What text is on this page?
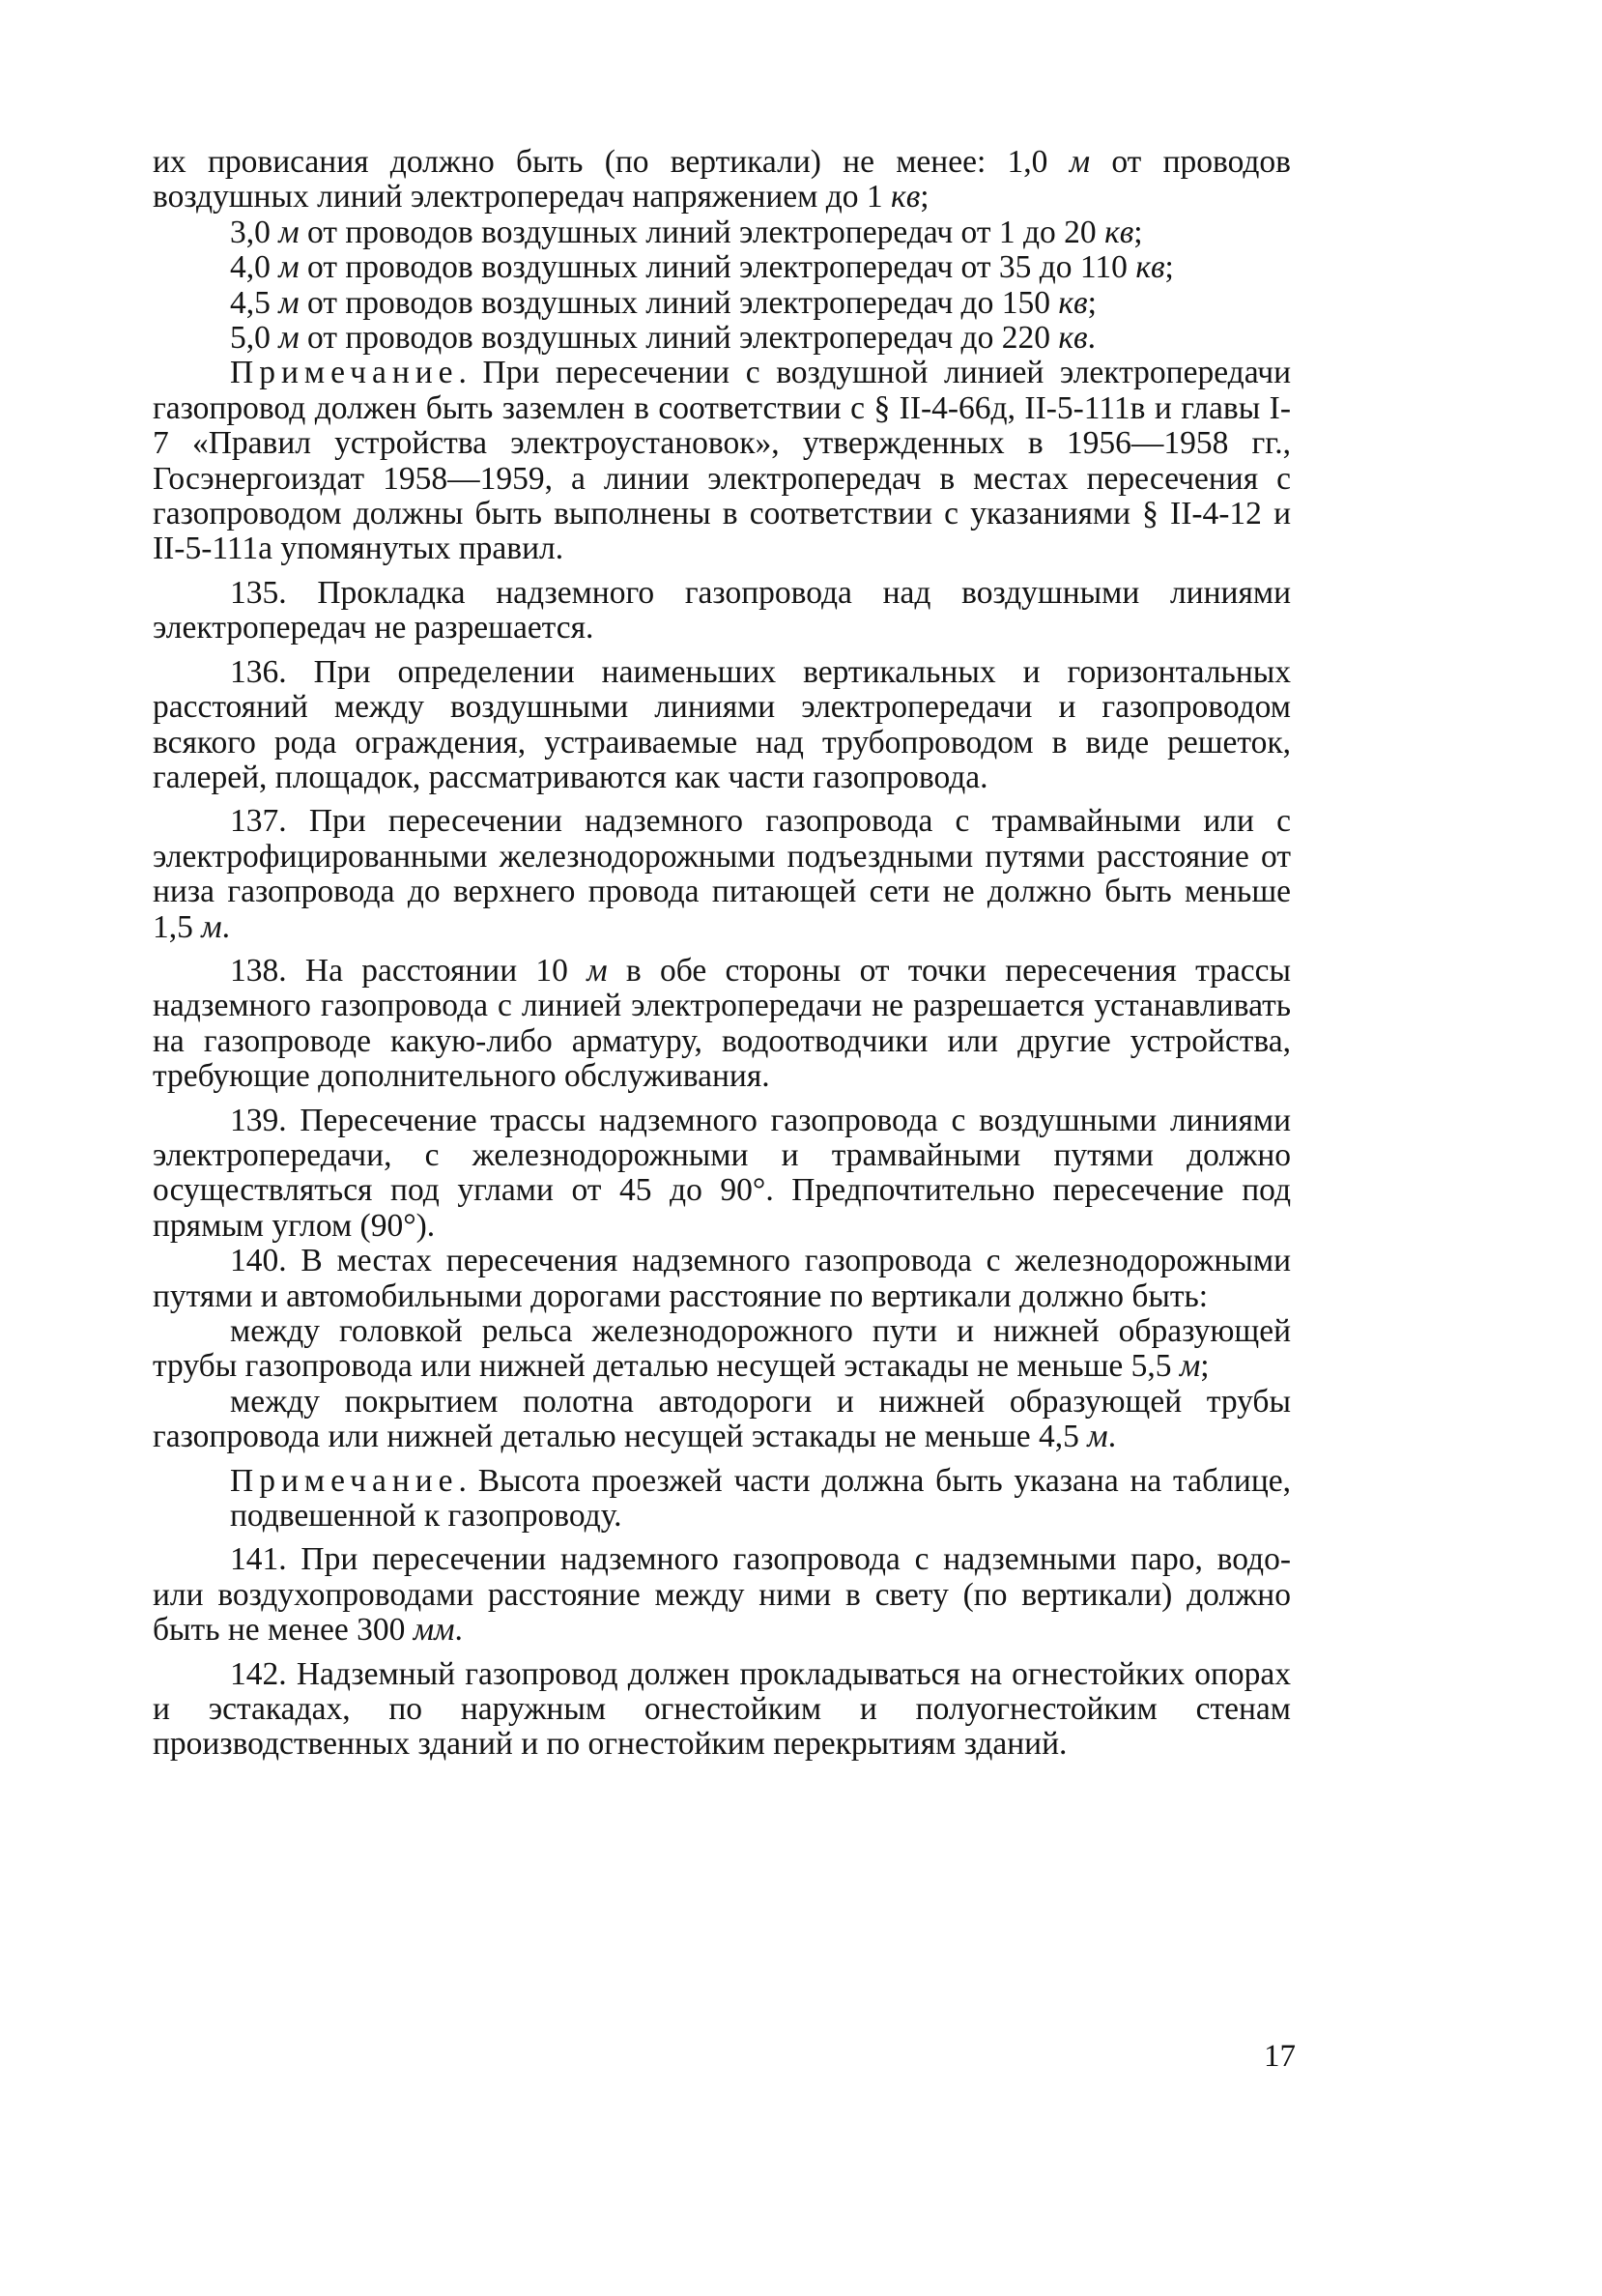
их провисания должно быть (по вертикали) не менее: 1,0 м от проводов воздушных линий электропередач напряжением до 1 кв;

3,0 м от проводов воздушных линий электропередач от 1 до 20 кв;

4,0 м от проводов воздушных линий электропередач от 35 до 110 кв;

4,5 м от проводов воздушных линий электропередач до 150 кв;

5,0 м от проводов воздушных линий электропередач до 220 кв.

Примечание. При пересечении с воздушной линией электропередачи газопровод должен быть заземлен в соответствии с § II-4-66д, II-5-111в и главы I-7 «Правил устройства электроустановок», утвержденных в 1956—1958 гг., Госэнергоиздат 1958—1959, а линии электропередач в местах пересечения с газопроводом должны быть выполнены в соответствии с указаниями § II-4-12 и II-5-111а упомянутых правил.

135. Прокладка надземного газопровода над воздушными линиями электропередач не разрешается.

136. При определении наименьших вертикальных и горизонтальных расстояний между воздушными линиями электропередачи и газопроводом всякого рода ограждения, устраиваемые над трубопроводом в виде решеток, галерей, площадок, рассматриваются как части газопровода.

137. При пересечении надземного газопровода с трамвайными или с электрофицированными железнодорожными подъездными путями расстояние от низа газопровода до верхнего провода питающей сети не должно быть меньше 1,5 м.

138. На расстоянии 10 м в обе стороны от точки пересечения трассы надземного газопровода с линией электропередачи не разрешается устанавливать на газопроводе какую-либо арматуру, водоотводчики или другие устройства, требующие дополнительного обслуживания.

139. Пересечение трассы надземного газопровода с воздушными линиями электропередачи, с железнодорожными и трамвайными путями должно осуществляться под углами от 45 до 90°. Предпочтительно пересечение под прямым углом (90°).

140. В местах пересечения надземного газопровода с железнодорожными путями и автомобильными дорогами расстояние по вертикали должно быть:

между головкой рельса железнодорожного пути и нижней образующей трубы газопровода или нижней деталью несущей эстакады не меньше 5,5 м;

между покрытием полотна автодороги и нижней образующей трубы газопровода или нижней деталью несущей эстакады не меньше 4,5 м.

Примечание. Высота проезжей части должна быть указана на таблице, подвешенной к газопроводу.

141. При пересечении надземного газопровода с надземными паро, водо- или воздухопроводами расстояние между ними в свету (по вертикали) должно быть не менее 300 мм.

142. Надземный газопровод должен прокладываться на огнестойких опорах и эстакадах, по наружным огнестойким и полуогнестойким стенам производственных зданий и по огнестойким перекрытиям зданий.

17
